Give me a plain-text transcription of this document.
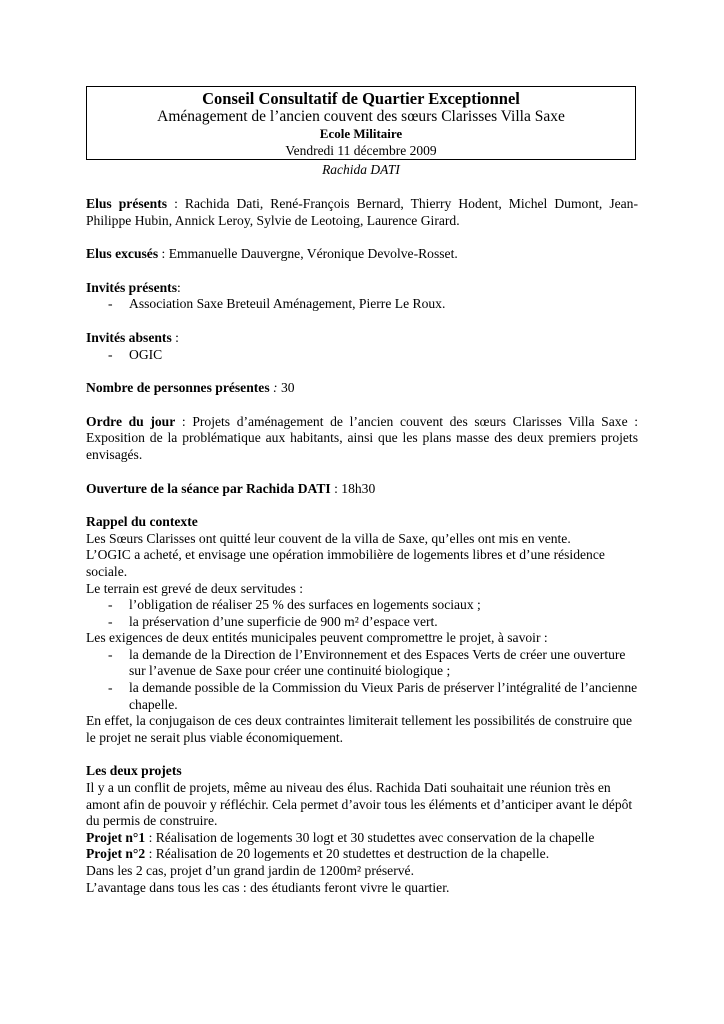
Conseil Consultatif de Quartier Exceptionnel
Aménagement de l’ancien couvent des sœurs Clarisses Villa Saxe
Ecole Militaire
Vendredi 11 décembre 2009
Rachida DATI

Elus présents : Rachida Dati, René-François Bernard, Thierry Hodent, Michel Dumont, Jean-Philippe Hubin, Annick Leroy, Sylvie de Leotoing, Laurence Girard.

Elus excusés : Emmanuelle Dauvergne, Véronique Devolve-Rosset.

Invités présents:

- Association Saxe Breteuil Aménagement, Pierre Le Roux.

Invités absents :

- OGIC

Nombre de personnes présentes : 30

Ordre du jour : Projets d’aménagement de l’ancien couvent des sœurs Clarisses Villa Saxe : Exposition de la problématique aux habitants, ainsi que les plans masse des deux premiers projets envisagés.

Ouverture de la séance par Rachida DATI : 18h30

Rappel du contexte

Les Sœurs Clarisses ont quitté leur couvent de la villa de Saxe, qu’elles ont mis en vente.

L’OGIC a acheté, et envisage une opération immobilière de logements libres et d’une résidence sociale.

Le terrain est grevé de deux servitudes :

- l’obligation de réaliser 25 % des surfaces en logements sociaux ;
- la préservation d’une superficie de 900 m² d’espace vert.

Les exigences de deux entités municipales peuvent compromettre le projet, à savoir :

- la demande de la Direction de l’Environnement et des Espaces Verts de créer une ouverture sur l’avenue de Saxe pour créer une continuité biologique ;
- la demande possible de la Commission du Vieux Paris de préserver l’intégralité de l’ancienne chapelle.

En effet, la conjugaison de ces deux contraintes limiterait tellement les possibilités de construire que le projet ne serait plus viable économiquement.

Les deux projets

Il y a un conflit de projets, même au niveau des élus. Rachida Dati souhaitait une réunion très en amont afin de pouvoir y réfléchir. Cela permet d’avoir tous les éléments et d’anticiper avant le dépôt du permis de construire.

Projet n°1 : Réalisation de logements 30 logt et 30 studettes avec conservation de la chapelle

Projet n°2 : Réalisation de 20 logements et 20 studettes et destruction de la chapelle.

Dans les 2 cas, projet d’un grand jardin de 1200m² préservé.

L’avantage dans tous les cas : des étudiants feront vivre le quartier.
